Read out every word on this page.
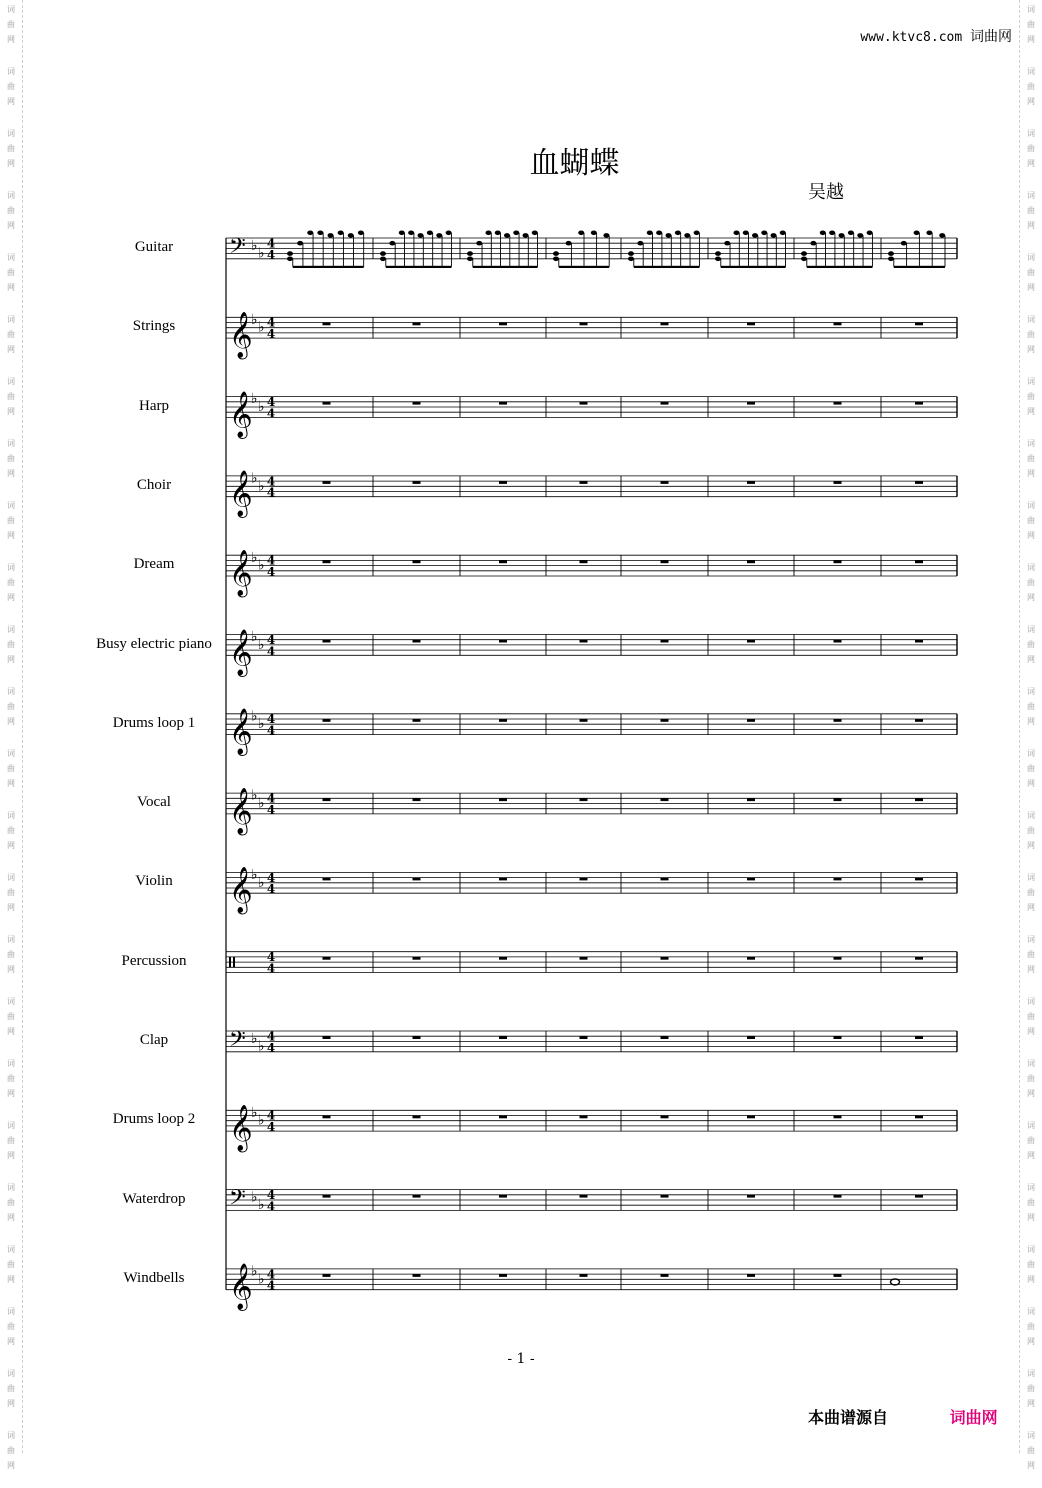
词
曲
网
词
曲
网
词
曲
网
词
曲
网
词
曲
网
词
曲
网
词
曲
网
词
曲
网
词
曲
网
词
曲
网
词
曲
网
词
曲
网
词
曲
网
词
曲
网
词
曲
网
词
曲
网
词
曲
网
词
曲
网
词
曲
网
词
曲
网
词
曲
网
词
曲
网
词
曲
网
词
曲
网
词
曲
网
词
曲
网
词
曲
网
词
曲
网
词
曲
网
词
曲
网
词
曲
网
词
曲
网
词
曲
网
词
曲
网
词
曲
网
词
曲
网
词
曲
网
词
曲
网
词
曲
网
词
曲
网
词
曲
网
词
曲
网
词
曲
网
词
曲
网
词
曲
网
词
曲
网
词
曲
网
词
曲
网
www.ktvc8.com 词曲网
血蝴蝶
吴越
Guitar
Strings
Harp
Choir
Dream
Busy electric piano
Drums loop 1
Vocal
Violin
Percussion
Clap
Drums loop 2
Waterdrop
Windbells
𝄢 ♭ ♭
4
4
𝄞
♭ ♭ 4
4
𝄞
♭ ♭ 4
4
𝄞
♭ ♭ 4
4
𝄞
♭ ♭ 4
4
𝄞
♭ ♭ 4
4
𝄞
♭ ♭ 4
4
𝄞
♭ ♭ 4
4
𝄞
♭ ♭ 4
4
4
4
𝄢 ♭ ♭
4
4
𝄞
♭ ♭ 4
4
𝄢 ♭ ♭
4
4
𝄞
♭ ♭ 4
4
- 1 -
本曲谱源自	词曲网
